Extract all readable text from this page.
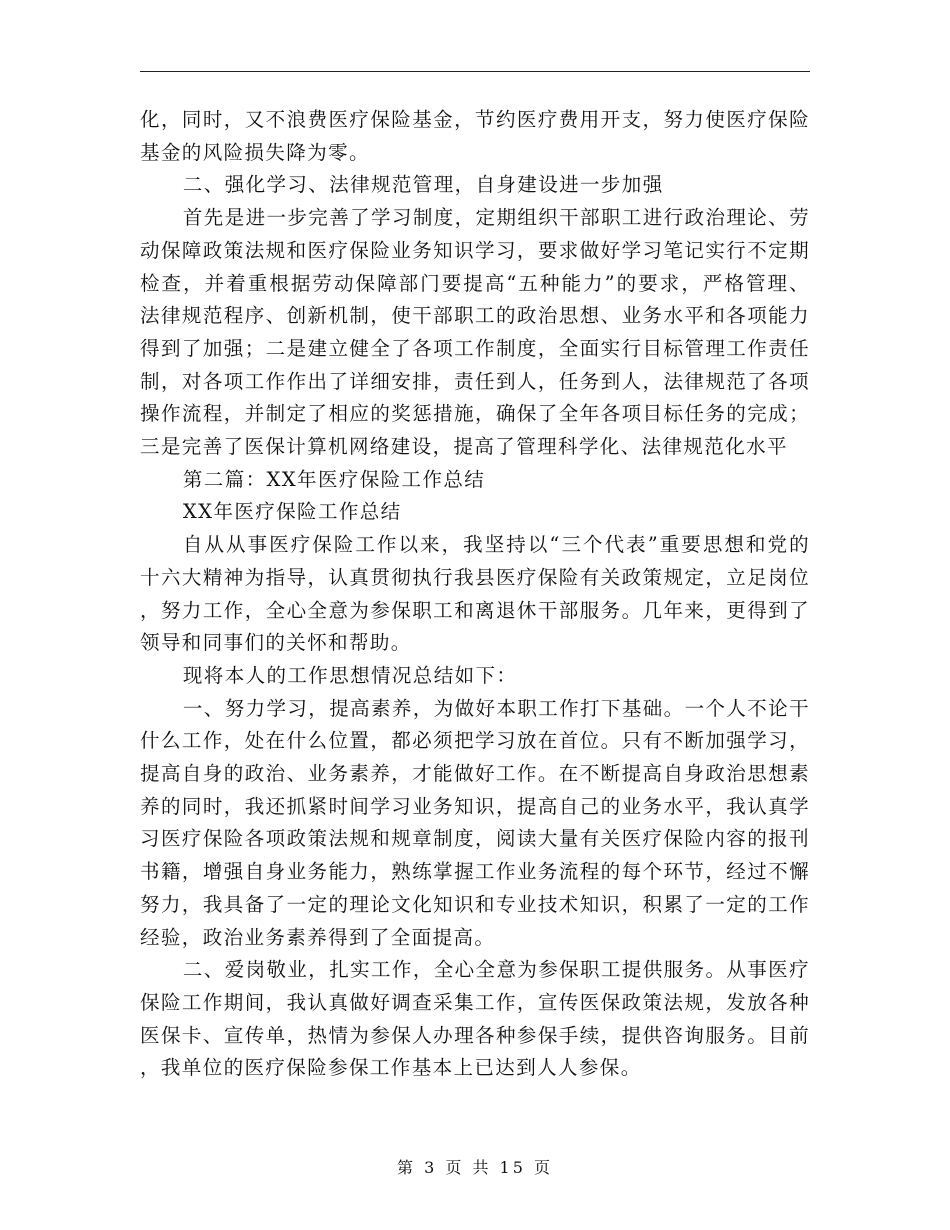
化，同时，又不浪费医疗保险基金，节约医疗费用开支，努力使医疗保险基金的风险损失降为零。

二、强化学习、法律规范管理，自身建设进一步加强

首先是进一步完善了学习制度，定期组织干部职工进行政治理论、劳动保障政策法规和医疗保险业务知识学习，要求做好学习笔记实行不定期检查，并着重根据劳动保障部门要提高“五种能力”的要求，严格管理、法律规范程序、创新机制，使干部职工的政治思想、业务水平和各项能力得到了加强；二是建立健全了各项工作制度，全面实行目标管理工作责任制，对各项工作作出了详细安排，责任到人，任务到人，法律规范了各项操作流程，并制定了相应的奖惩措施，确保了全年各项目标任务的完成；三是完善了医保计算机网络建设，提高了管理科学化、法律规范化水平

第二篇：XX年医疗保险工作总结

XX年医疗保险工作总结

自从从事医疗保险工作以来，我坚持以“三个代表”重要思想和党的十六大精神为指导，认真贯彻执行我县医疗保险有关政策规定，立足岗位，努力工作，全心全意为参保职工和离退休干部服务。几年来，更得到了领导和同事们的关怀和帮助。

现将本人的工作思想情况总结如下：

一、努力学习，提高素养，为做好本职工作打下基础。一个人不论干什么工作，处在什么位置，都必须把学习放在首位。只有不断加强学习，提高自身的政治、业务素养，才能做好工作。在不断提高自身政治思想素养的同时，我还抓紧时间学习业务知识，提高自己的业务水平，我认真学习医疗保险各项政策法规和规章制度，阅读大量有关医疗保险内容的报刊书籍，增强自身业务能力，熟练掌握工作业务流程的每个环节，经过不懈努力，我具备了一定的理论文化知识和专业技术知识，积累了一定的工作经验，政治业务素养得到了全面提高。

二、爱岗敬业，扎实工作，全心全意为参保职工提供服务。从事医疗保险工作期间，我认真做好调查采集工作，宣传医保政策法规，发放各种医保卡、宣传单，热情为参保人办理各种参保手续，提供咨询服务。目前，我单位的医疗保险参保工作基本上已达到人人参保。

第 3 页 共 15 页
